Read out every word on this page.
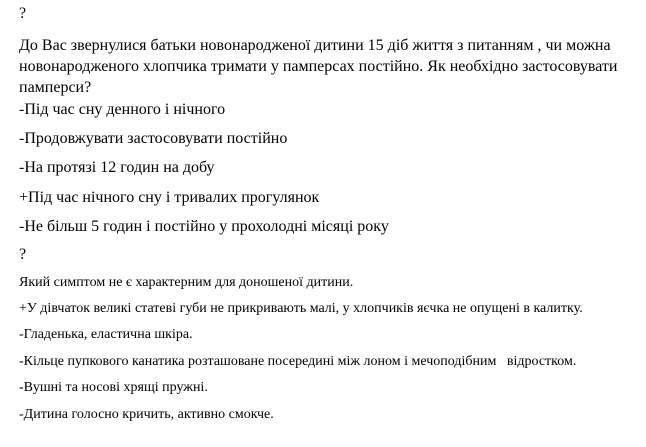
?
До Вас звернулися батьки новонародженої дитини 15 діб життя з питанням , чи можна новонародженого хлопчика тримати у памперсах постійно. Як необхідно застосовувати памперси?
-Під час сну денного і нічного
-Продовжувати застосовувати постійно
-На протязі 12 годин на добу
+Під час нічного сну і тривалих прогулянок
-Не більш 5 годин і постійно у прохолодні місяці року
?
Який симптом не є характерним для доношеної дитини.
+У дівчаток великі статеві губи не прикривають малі, у хлопчиків яєчка не опущені в калитку.
-Гладенька, еластична шкіра.
-Кільце пупкового канатика розташоване посередині між лоном і мечоподібним   відростком.
-Вушні та носові хрящі пружні.
-Дитина голосно кричить, активно смокче.
